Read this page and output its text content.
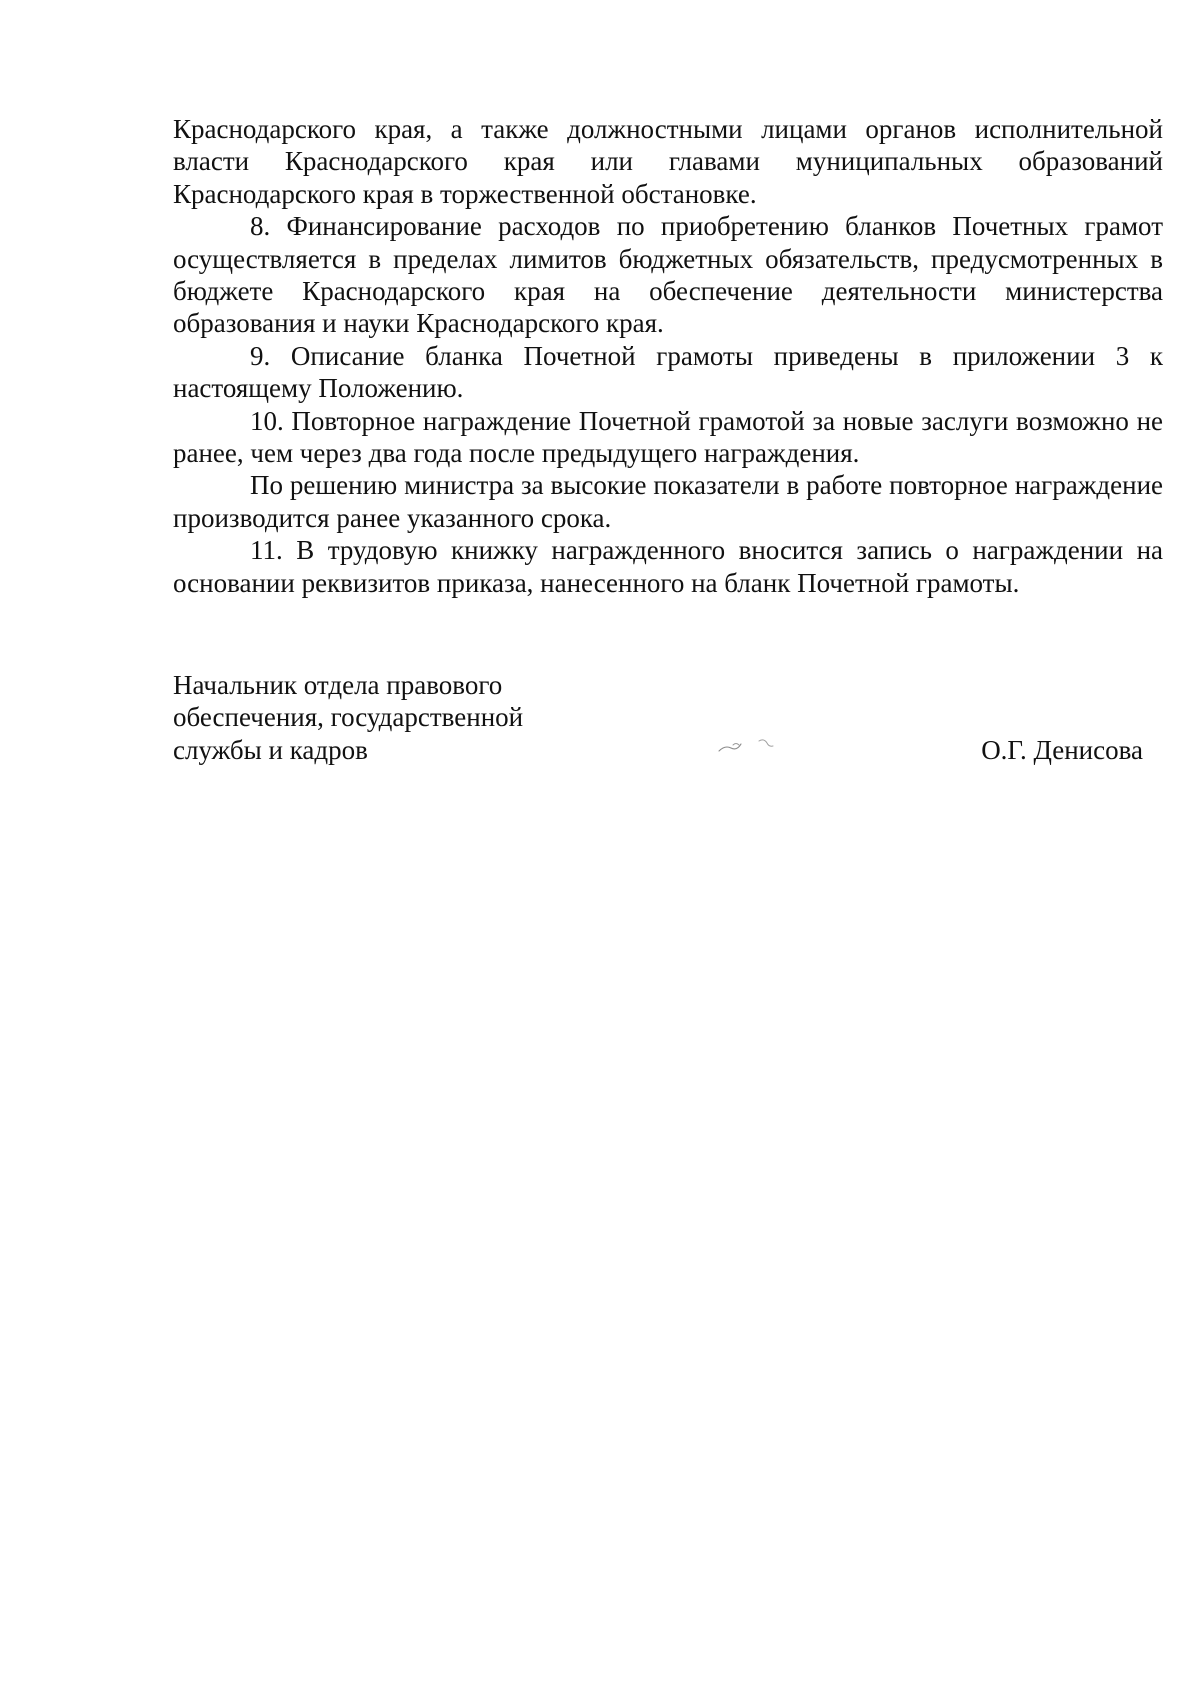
Краснодарского края, а также должностными лицами органов исполнительной власти Краснодарского края или главами муниципальных образований Краснодарского края в торжественной обстановке.

8. Финансирование расходов по приобретению бланков Почетных грамот осуществляется в пределах лимитов бюджетных обязательств, предусмотренных в бюджете Краснодарского края на обеспечение деятельности министерства образования и науки Краснодарского края.

9. Описание бланка Почетной грамоты приведены в приложении 3 к настоящему Положению.

10. Повторное награждение Почетной грамотой за новые заслуги возможно не ранее, чем через два года после предыдущего награждения.

По решению министра за высокие показатели в работе повторное награждение производится ранее указанного срока.

11. В трудовую книжку награжденного вносится запись о награждении на основании реквизитов приказа, нанесенного на бланк Почетной грамоты.

Начальник отдела правового
обеспечения, государственной
службы и кадров	О.Г. Денисова
